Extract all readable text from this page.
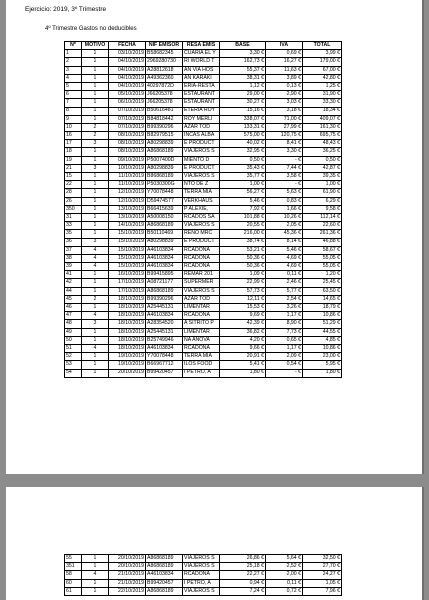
Ejercicio: 2019, 3º Trimestre
4º Trimestre Gastos no deducibles
Nº	MOTIVO	FECHA	NIF EMISOR	RESA EMIS	BASE	IVA	TOTAL
1	1	03/10/2019	B58682345	CUARIA EL Y	3,30 €	0,69 €	3,99 €
2	1	04/10/2019	2969280730	RI WORLD T	162,73 €	16,27 €	179,00 €
3	1	04/10/2019	A28812618	AN VIA HOS	55,37 €	11,63 €	67,00 €
4	1	04/10/2019	A49362360	AN KARAKI	38,31 €	3,89 €	42,80 €
5	1	04/10/2019	40297872D	ERIA-RESTA	1,12 €	0,13 €	1,25 €
6	1	05/10/2019	J66205378	ESTAURANT	29,00 €	2,90 €	31,90 €
7	1	06/10/2019	J66205378	ESTAURANT	30,27 €	3,03 €	33,30 €
8	1	07/10/2019	B50616481	ETERÍA ROY	15,16 €	3,18 €	18,34 €
9	1	07/10/2019	B84818442	ROY MERLI	338,07 €	71,00 €	409,07 €
10	2	07/10/2019	B99390296	AZAR TOD	133,31 €	27,99 €	161,30 €
16	2	08/10/2019	B82979515	INCAS ALBA	575,00 €	120,75 €	695,75 €
17	3	08/10/2019	A80298839	E PRODUCT	40,02 €	8,41 €	48,43 €
18	1	08/10/2019	A86868189	VIAJEROS S	32,95 €	3,30 €	36,25 €
19	1	09/10/2019	P5007400D	MIENTO D	0,50 €	- €	0,50 €
21	3	10/10/2019	A80298839	E PRODUCT	35,43 €	7,44 €	42,87 €
15	1	11/10/2019	B86868189	VIAJEROS S	35,77 €	3,58 €	39,35 €
22	1	11/10/2019	P5030300G	NTO DE Z	1,00 €	- €	1,00 €
28	1	12/10/2019	Y70078448	TERRA MIA	56,27 €	5,63 €	61,90 €
26	1	12/10/2019	D59474577	VERKHAUS	5,46 €	0,83 €	6,29 €
350	1	13/10/2019	B66415639	P ALEXIE,	7,92 €	1,66 €	9,58 €
31	1	13/10/2019	A50008150	RCADOS SA	101,88 €	10,26 €	112,14 €
33	1	14/10/2019	A86868189	VIAJEROS S	20,55 €	2,05 €	22,60 €
35	1	15/10/2019	B50110469	RENO MRC	216,00 €	45,36 €	261,36 €
36	3	15/10/2019	A80298839	E PRODUCT	38,74 €	8,14 €	46,88 €
37	4	15/10/2019	A46103834	RCADONA	53,21 €	5,46 €	58,67 €
38	4	15/10/2019	A46103834	RCADONA	50,36 €	4,69 €	55,05 €
39	4	15/10/2019	A46103834	RCADONA	50,36 €	4,69 €	55,05 €
41	1	16/10/2019	B99415895	REMAR 201	1,09 €	0,11 €	1,20 €
42	1	17/10/2019	A08721177	SUPERMER	22,99 €	2,46 €	25,45 €
44	1	17/10/2019	A86868189	VIAJEROS S	57,73 €	5,77 €	63,50 €
45	2	18/10/2019	B99390296	AZAR TOD	12,11 €	2,54 €	14,65 €
46	1	18/10/2019	A25445131	LIMENTAR	15,53 €	3,26 €	18,79 €
47	4	18/10/2019	A46103834	RCADONA	9,69 €	1,17 €	10,86 €
48	3	18/10/2019	A28354520	A SITRITO P	42,39 €	8,90 €	51,29 €
49	1	18/10/2019	A25445131	LIMENTAR	36,82 €	7,73 €	44,55 €
50	1	18/10/2019	B25749946	NA ANOVA	4,20 €	0,65 €	4,85 €
51	4	18/10/2019	A46103834	RCADONA	9,66 €	1,17 €	10,86 €
52	1	19/10/2019	Y70078448	TERRA MIA	20,91 €	2,09 €	23,00 €
53	1	19/10/2019	B66967712	ILOS FOOD	5,41 €	0,54 €	5,95 €
54	1	20/10/2019	B99420457	I PETRO, A	1,80 €	- €	1,80 €
55	1	20/10/2019	A86868189	VIAJEROS S	26,86 €	5,64 €	32,50 €
351	1	20/10/2019	A86868189	VIAJEROS S	25,18 €	2,52 €	27,70 €
58	4	21/10/2019	A46103834	RCADONA	22,27 €	2,00 €	24,27 €
60	1	21/10/2019	B99420457	I PETRO, A	0,94 €	0,11 €	1,05 €
61	1	22/10/2019	A86868189	VIAJEROS S	7,24 €	0,72 €	7,96 €
